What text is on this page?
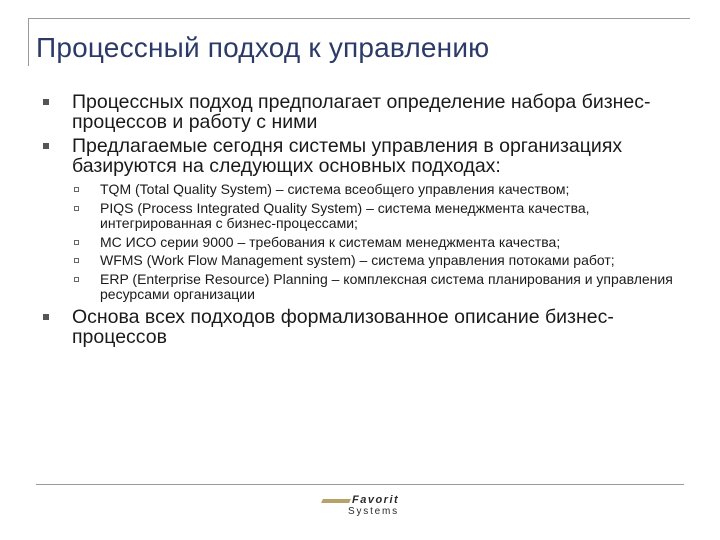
Процессный подход к управлению
Процессных подход предполагает определение набора бизнес-процессов и работу с ними
Предлагаемые сегодня системы управления в организациях базируются на следующих основных подходах:
TQM (Total Quality System) – система всеобщего управления качеством;
PIQS (Process Integrated Quality System) – система менеджмента качества, интегрированная с бизнес-процессами;
МС ИСО серии 9000 – требования к системам менеджмента качества;
WFMS (Work Flow Management system) – система управления потоками работ;
ERP (Enterprise Resource) Planning – комплексная система планирования и управления ресурсами организации
Основа всех подходов формализованное описание бизнес-процессов
Favorit
Systems
